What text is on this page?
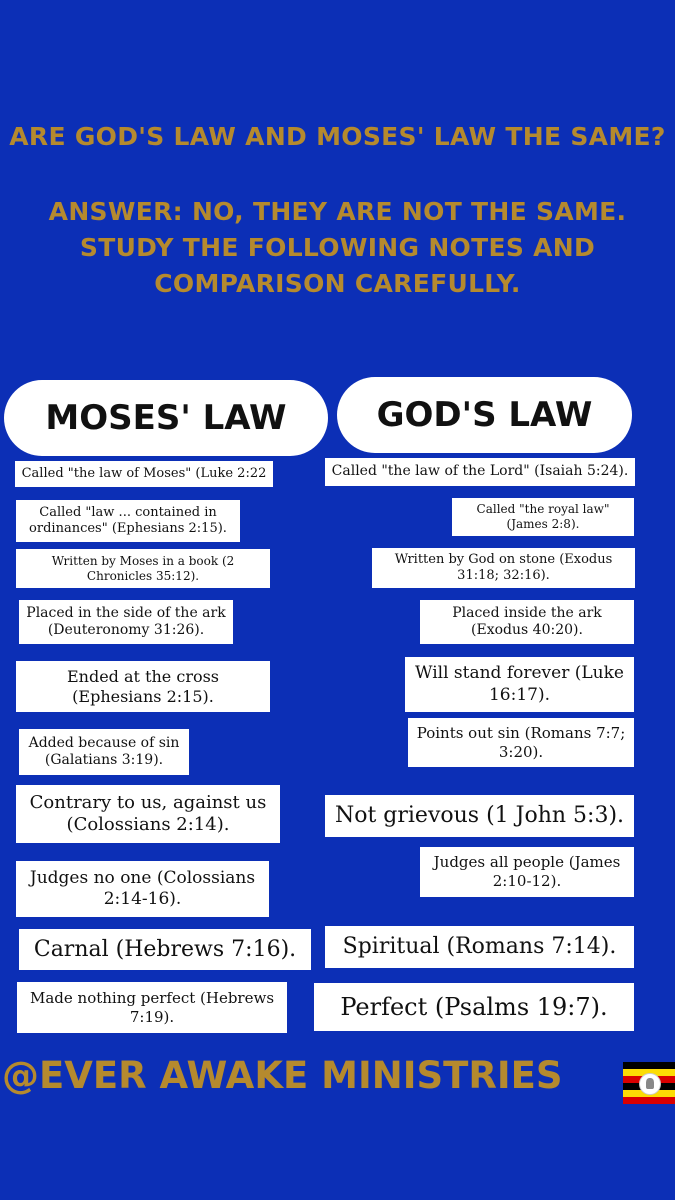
ARE GOD'S LAW AND MOSES' LAW THE SAME?
ANSWER: NO, THEY ARE NOT THE SAME. STUDY THE FOLLOWING NOTES AND COMPARISON CAREFULLY.
MOSES' LAW	GOD'S LAW
Called "the law of Moses" (Luke 2:22
Called "law ... contained in ordinances" (Ephesians 2:15).
Written by Moses in a book (2 Chronicles 35:12).
Placed in the side of the ark (Deuteronomy 31:26).
Ended at the cross (Ephesians 2:15).
Added because of sin (Galatians 3:19).
Contrary to us, against us (Colossians 2:14).
Judges no one (Colossians 2:14-16).
Carnal (Hebrews 7:16).
Made nothing perfect (Hebrews 7:19).
Called "the law of the Lord" (Isaiah 5:24).
Called "the royal law" (James 2:8).
Written by God on stone (Exodus 31:18; 32:16).
Placed inside the ark (Exodus 40:20).
Will stand forever (Luke 16:17).
Points out sin (Romans 7:7; 3:20).
Not grievous (1 John 5:3).
Judges all people (James 2:10-12).
Spiritual (Romans 7:14).
Perfect (Psalms 19:7).
@EVER AWAKE MINISTRIES
